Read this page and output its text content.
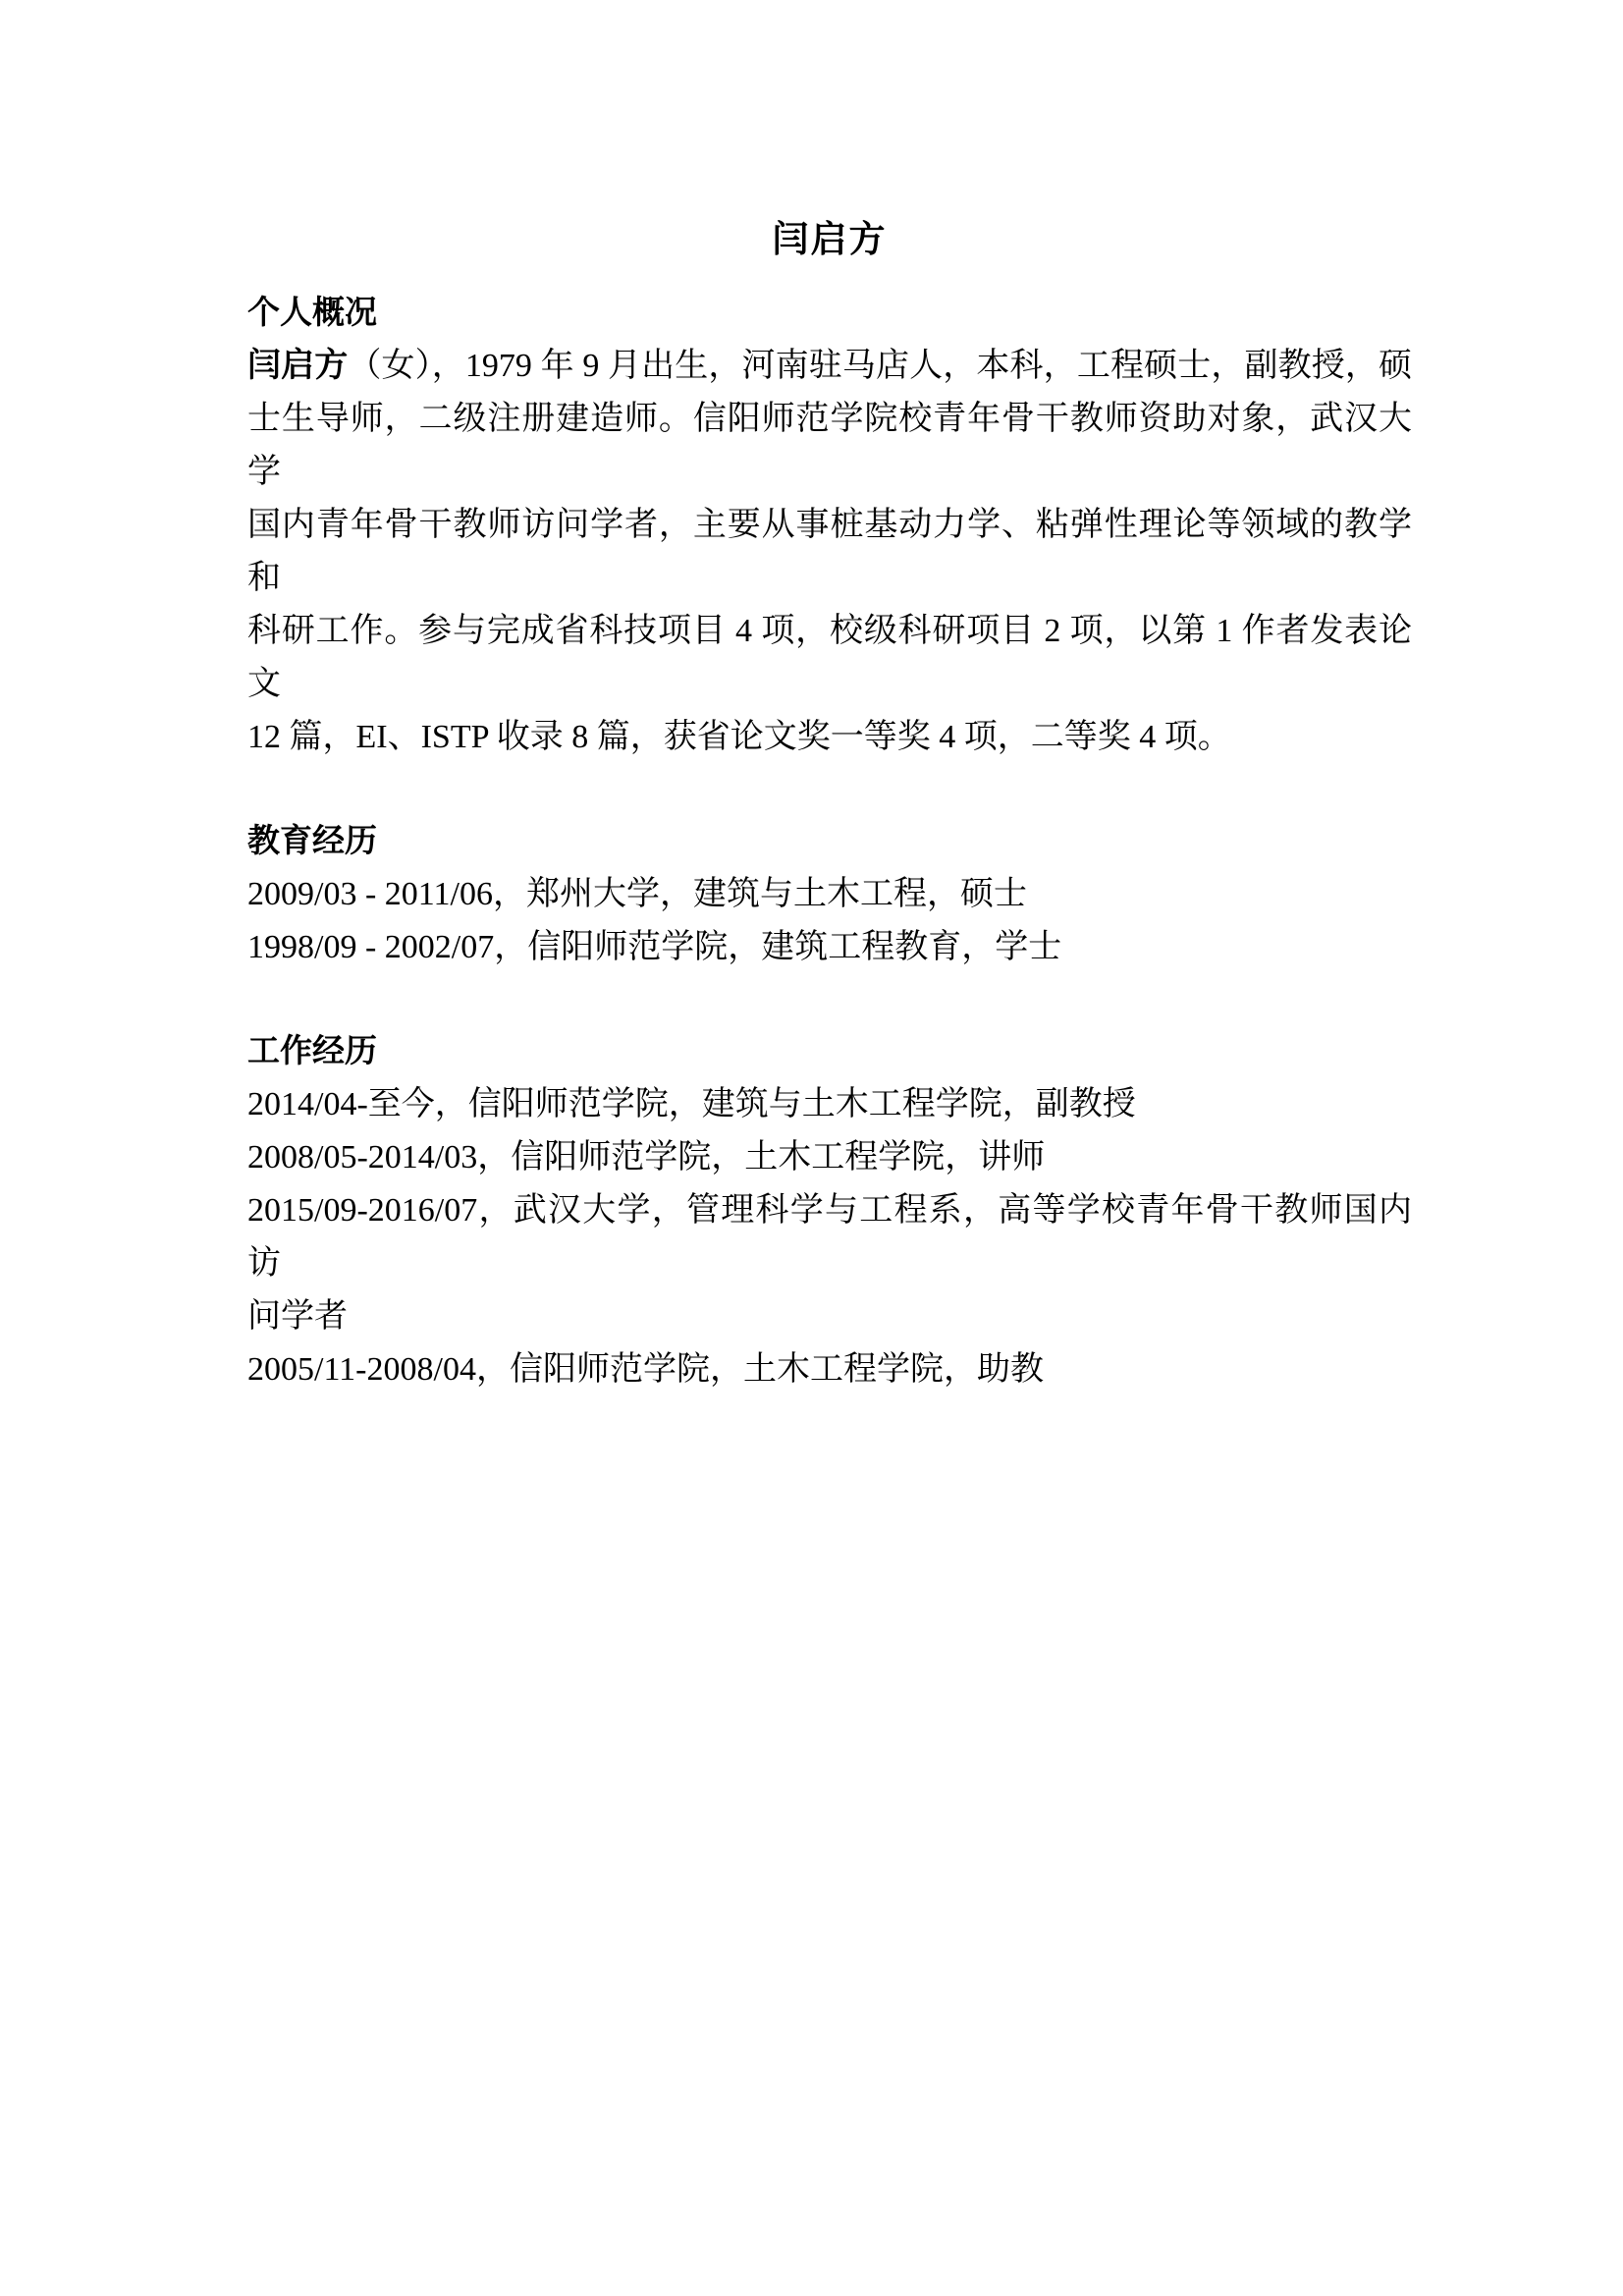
闫启方
个人概况

闫启方（女），1979 年 9 月出生，河南驻马店人，本科，工程硕士，副教授，硕

士生导师，二级注册建造师。信阳师范学院校青年骨干教师资助对象，武汉大学

国内青年骨干教师访问学者，主要从事桩基动力学、粘弹性理论等领域的教学和

科研工作。参与完成省科技项目 4 项，校级科研项目 2 项，以第 1 作者发表论文

12 篇，EI、ISTP 收录 8 篇，获省论文奖一等奖 4 项，二等奖 4 项。

教育经历

2009/03 - 2011/06，郑州大学，建筑与土木工程，硕士

1998/09 - 2002/07，信阳师范学院，建筑工程教育，学士

工作经历

2014/04-至今，信阳师范学院，建筑与土木工程学院，副教授

2008/05-2014/03，信阳师范学院，土木工程学院，讲师

2015/09-2016/07，武汉大学，管理科学与工程系，高等学校青年骨干教师国内访

问学者

2005/11-2008/04，信阳师范学院，土木工程学院，助教
